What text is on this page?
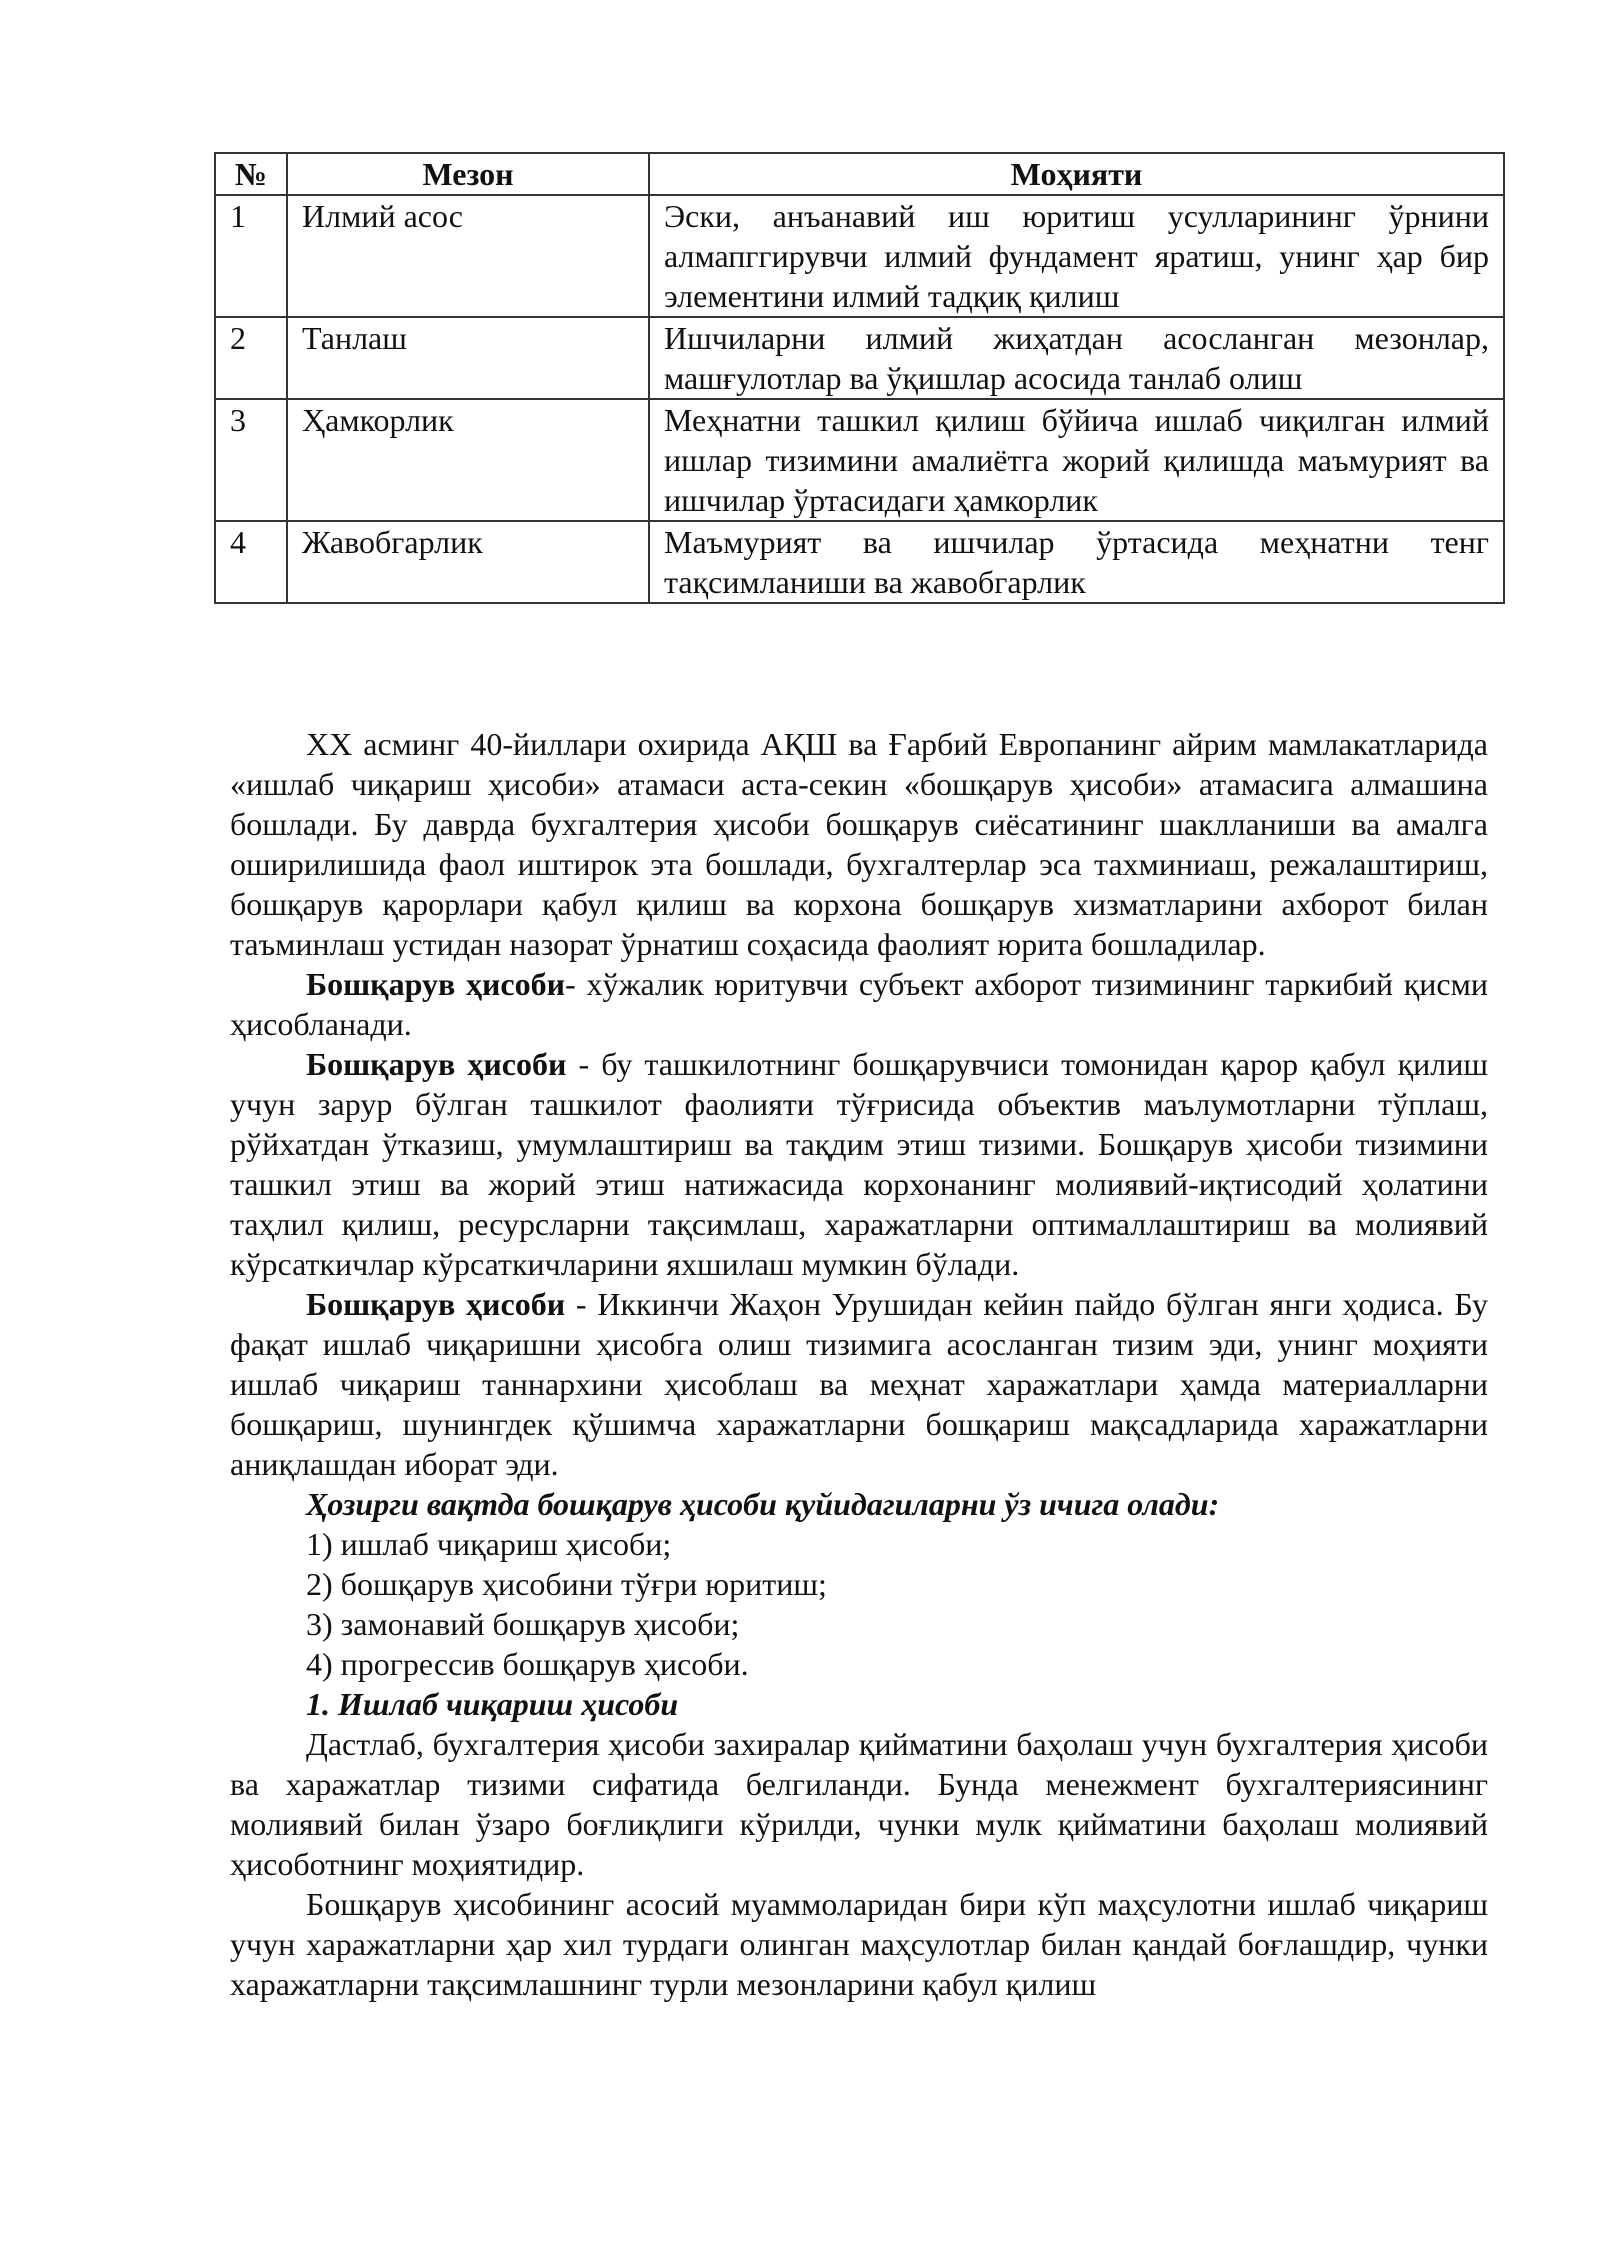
№	Мезон	Моҳияти
1	Илмий асос	Эски, анъанавий иш юритиш усулларининг ўрнини алмапггирувчи илмий фундамент яратиш, унинг ҳар бир элементини илмий тадқиқ қилиш
2	Танлаш	Ишчиларни илмий жиҳатдан асосланган мезонлар, машғулотлар ва ўқишлар асосида танлаб олиш
3	Ҳамкорлик	Меҳнатни ташкил қилиш бўйича ишлаб чиқилган илмий ишлар тизимини амалиётга жорий қилишда маъмурият ва ишчилар ўртасидаги ҳамкорлик
4	Жавобгарлик	Маъмурият ва ишчилар ўртасида меҳнатни тенг тақсимланиши ва жавобгарлик

XX асминг 40-йиллари охирида АҚШ ва Ғарбий Европанинг айрим мамлакатларида «ишлаб чиқариш ҳисоби» атамаси аста-секин «бошқарув ҳисоби» атамасига алмашина бошлади. Бу даврда бухгалтерия ҳисоби бошқарув сиёсатининг шаклланиши ва амалга оширилишида фаол иштирок эта бошлади, бухгалтерлар эса тахминиаш, режалаштириш, бошқарув қарорлари қабул қилиш ва корхона бошқарув хизматларини ахборот билан таъминлаш устидан назорат ўрнатиш соҳасида фаолият юрита бошладилар.

Бошқарув ҳисоби- хўжалик юритувчи субъект ахборот тизимининг таркибий қисми ҳисобланади.

Бошқарув ҳисоби - бу ташкилотнинг бошқарувчиси томонидан қарор қабул қилиш учун зарур бўлган ташкилот фаолияти тўғрисида объектив маълумотларни тўплаш, рўйхатдан ўтказиш, умумлаштириш ва тақдим этиш тизими. Бошқарув ҳисоби тизимини ташкил этиш ва жорий этиш натижасида корхонанинг молиявий-иқтисодий ҳолатини таҳлил қилиш, ресурсларни тақсимлаш, харажатларни оптималлаштириш ва молиявий кўрсаткичлар кўрсаткичларини яхшилаш мумкин бўлади.

Бошқарув ҳисоби - Иккинчи Жаҳон Урушидан кейин пайдо бўлган янги ҳодиса. Бу фақат ишлаб чиқаришни ҳисобга олиш тизимига асосланган тизим эди, унинг моҳияти ишлаб чиқариш таннархини ҳисоблаш ва меҳнат харажатлари ҳамда материалларни бошқариш, шунингдек қўшимча харажатларни бошқариш мақсадларида харажатларни аниқлашдан иборат эди.

Ҳозирги вақтда бошқарув ҳисоби қуйидагиларни ўз ичига олади:

1) ишлаб чиқариш ҳисоби;

2) бошқарув ҳисобини тўғри юритиш;

3) замонавий бошқарув ҳисоби;

4) прогрессив бошқарув ҳисоби.

1. Ишлаб чиқариш ҳисоби

Дастлаб, бухгалтерия ҳисоби захиралар қийматини баҳолаш учун бухгалтерия ҳисоби ва харажатлар тизими сифатида белгиланди. Бунда менежмент бухгалтериясининг молиявий билан ўзаро боғлиқлиги кўрилди, чунки мулк қийматини баҳолаш молиявий ҳисоботнинг моҳиятидир.

Бошқарув ҳисобининг асосий муаммоларидан бири кўп маҳсулотни ишлаб чиқариш учун харажатларни ҳар хил турдаги олинган маҳсулотлар билан қандай боғлашдир, чунки харажатларни тақсимлашнинг турли мезонларини қабул қилиш
